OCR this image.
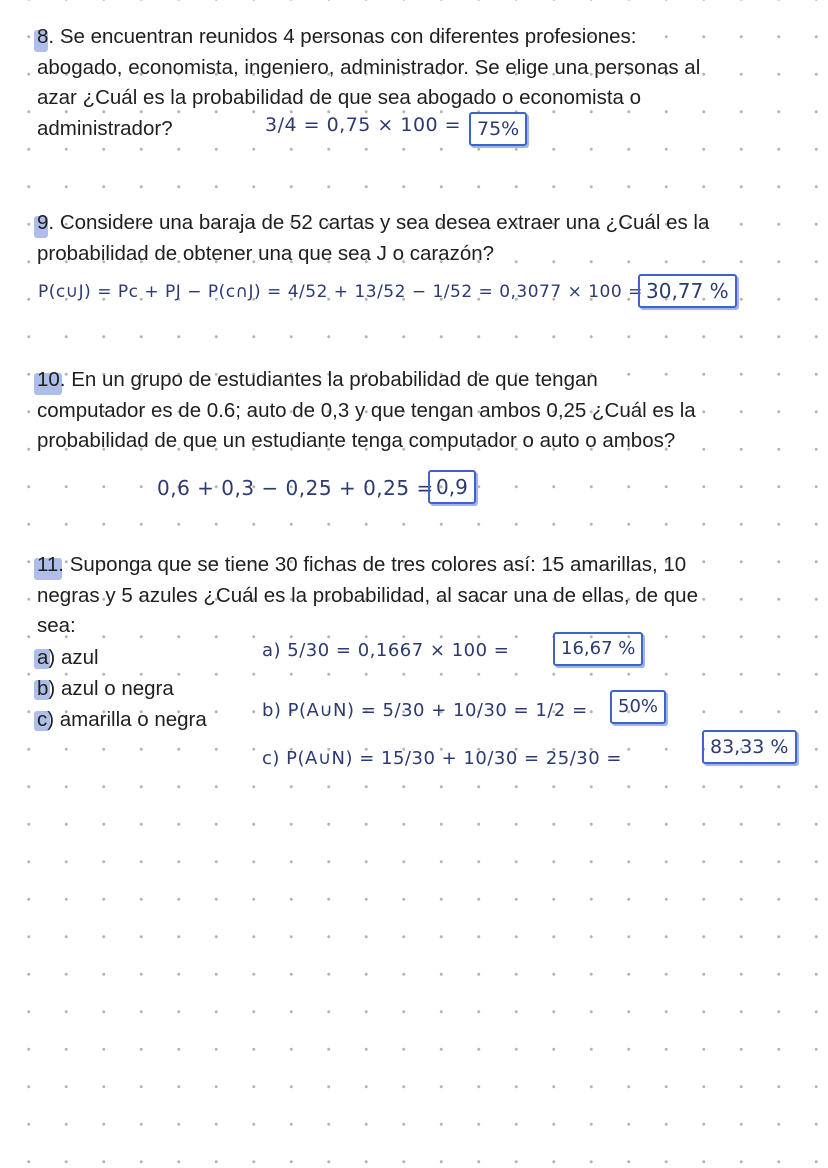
8. Se encuentran reunidos 4 personas con diferentes profesiones:
abogado, economista, ingeniero, administrador. Se elige una personas al
azar ¿Cuál es la probabilidad de que sea abogado o economista o
administrador?	3/4 = 0,75 × 100 = 75%
9. Considere una baraja de 52 cartas y sea desea extraer una ¿Cuál es la
probabilidad de obtener una que sea J o carazón?
P(c∪J) = Pc + PJ − P(c∩J) = 4/52 + 13/52 − 1/52 = 0,3077 × 100 = 30,77 %
10. En un grupo de estudiantes la probabilidad de que tengan
computador es de 0.6; auto de 0,3 y que tengan ambos 0,25 ¿Cuál es la
probabilidad de que un estudiante tenga computador o auto o ambos?
0,6 + 0,3 − 0,25 + 0,25 = 0,9
11. Suponga que se tiene 30 fichas de tres colores así: 15 amarillas, 10
negras y 5 azules ¿Cuál es la probabilidad, al sacar una de ellas, de que
sea:
a) azul
b) azul o negra
c) amarilla o negra
a) 5/30 = 0,1667 × 100 =	16,67 %
b) P(A∪N) = 5/30 + 10/30 = 1/2 =	50%
c) P(A∪N) = 15/30 + 10/30 = 25/30 =
83,33 %
